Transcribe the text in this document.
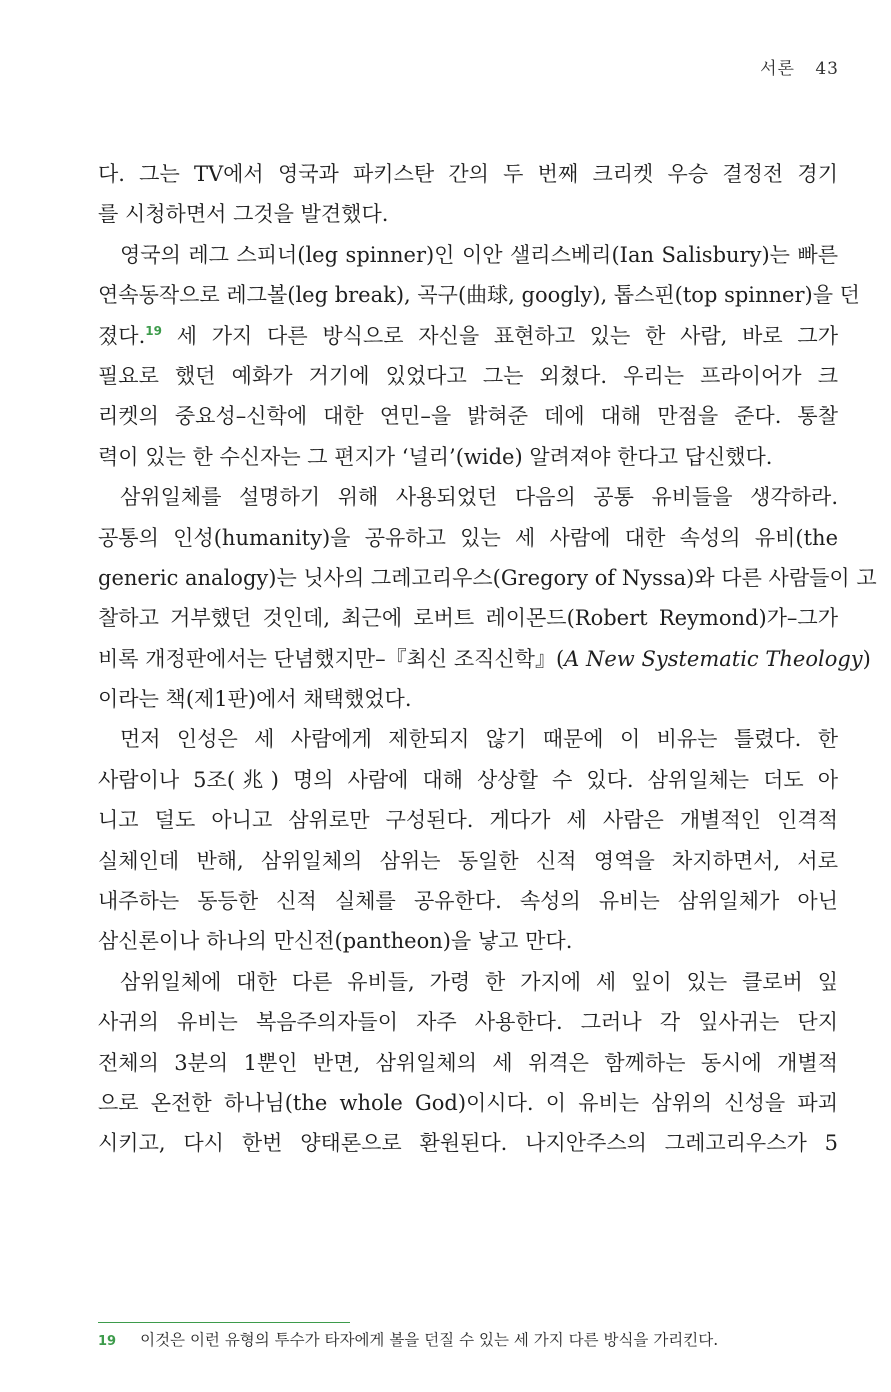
서론 43
다. 그는 TV에서 영국과 파키스탄 간의 두 번째 크리켓 우승 결정전 경기
를 시청하면서 그것을 발견했다.
영국의 레그 스피너(leg spinner)인 이안 샐리스베리(Ian Salisbury)는 빠른
연속동작으로 레그볼(leg break), 곡구(曲球, googly), 톱스핀(top spinner)을 던
졌다.$^{19}$ 세 가지 다른 방식으로 자신을 표현하고 있는 한 사람, 바로 그가
필요로 했던 예화가 거기에 있었다고 그는 외쳤다. 우리는 프라이어가 크
리켓의 중요성–신학에 대한 연민–을 밝혀준 데에 대해 만점을 준다. 통찰
력이 있는 한 수신자는 그 편지가 ‘널리’(wide) 알려져야 한다고 답신했다.
삼위일체를 설명하기 위해 사용되었던 다음의 공통 유비들을 생각하라.
공통의 인성(humanity)을 공유하고 있는 세 사람에 대한 속성의 유비(the
generic analogy)는 닛사의 그레고리우스(Gregory of Nyssa)와 다른 사람들이 고
찰하고 거부했던 것인데, 최근에 로버트 레이몬드(Robert Reymond)가–그가
비록 개정판에서는 단념했지만–『최신 조직신학』(A New Systematic Theology)
이라는 책(제1판)에서 채택했었다.
먼저 인성은 세 사람에게 제한되지 않기 때문에 이 비유는 틀렸다. 한
사람이나 5조(兆) 명의 사람에 대해 상상할 수 있다. 삼위일체는 더도 아
니고 덜도 아니고 삼위로만 구성된다. 게다가 세 사람은 개별적인 인격적
실체인데 반해, 삼위일체의 삼위는 동일한 신적 영역을 차지하면서, 서로
내주하는 동등한 신적 실체를 공유한다. 속성의 유비는 삼위일체가 아닌
삼신론이나 하나의 만신전(pantheon)을 낳고 만다.
삼위일체에 대한 다른 유비들, 가령 한 가지에 세 잎이 있는 클로버 잎
사귀의 유비는 복음주의자들이 자주 사용한다. 그러나 각 잎사귀는 단지
전체의 3분의 1뿐인 반면, 삼위일체의 세 위격은 함께하는 동시에 개별적
으로 온전한 하나님(the whole God)이시다. 이 유비는 삼위의 신성을 파괴
시키고, 다시 한번 양태론으로 환원된다. 나지안주스의 그레고리우스가 5
19 이것은 이런 유형의 투수가 타자에게 볼을 던질 수 있는 세 가지 다른 방식을 가리킨다.
